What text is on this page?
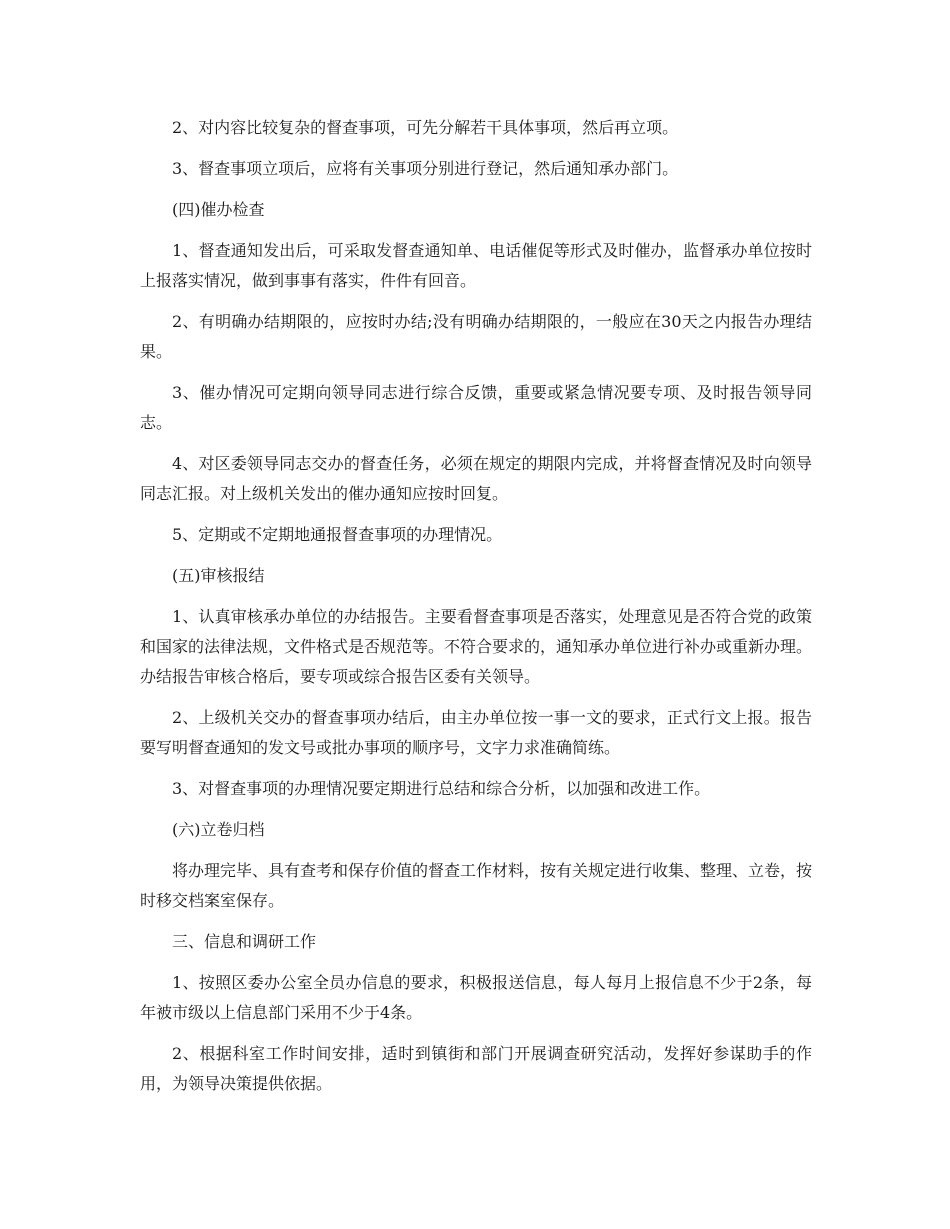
2、对内容比较复杂的督查事项，可先分解若干具体事项，然后再立项。

3、督查事项立项后，应将有关事项分别进行登记，然后通知承办部门。

(四)催办检查

1、督查通知发出后，可采取发督查通知单、电话催促等形式及时催办，监督承办单位按时上报落实情况，做到事事有落实，件件有回音。

2、有明确办结期限的，应按时办结;没有明确办结期限的，一般应在30天之内报告办理结果。

3、催办情况可定期向领导同志进行综合反馈，重要或紧急情况要专项、及时报告领导同志。

4、对区委领导同志交办的督查任务，必须在规定的期限内完成，并将督查情况及时向领导同志汇报。对上级机关发出的催办通知应按时回复。

5、定期或不定期地通报督查事项的办理情况。

(五)审核报结

1、认真审核承办单位的办结报告。主要看督查事项是否落实，处理意见是否符合党的政策和国家的法律法规，文件格式是否规范等。不符合要求的，通知承办单位进行补办或重新办理。办结报告审核合格后，要专项或综合报告区委有关领导。

2、上级机关交办的督查事项办结后，由主办单位按一事一文的要求，正式行文上报。报告要写明督查通知的发文号或批办事项的顺序号，文字力求准确简练。

3、对督查事项的办理情况要定期进行总结和综合分析，以加强和改进工作。

(六)立卷归档

将办理完毕、具有查考和保存价值的督查工作材料，按有关规定进行收集、整理、立卷，按时移交档案室保存。

三、信息和调研工作

1、按照区委办公室全员办信息的要求，积极报送信息，每人每月上报信息不少于2条，每年被市级以上信息部门采用不少于4条。

2、根据科室工作时间安排，适时到镇街和部门开展调查研究活动，发挥好参谋助手的作用，为领导决策提供依据。
